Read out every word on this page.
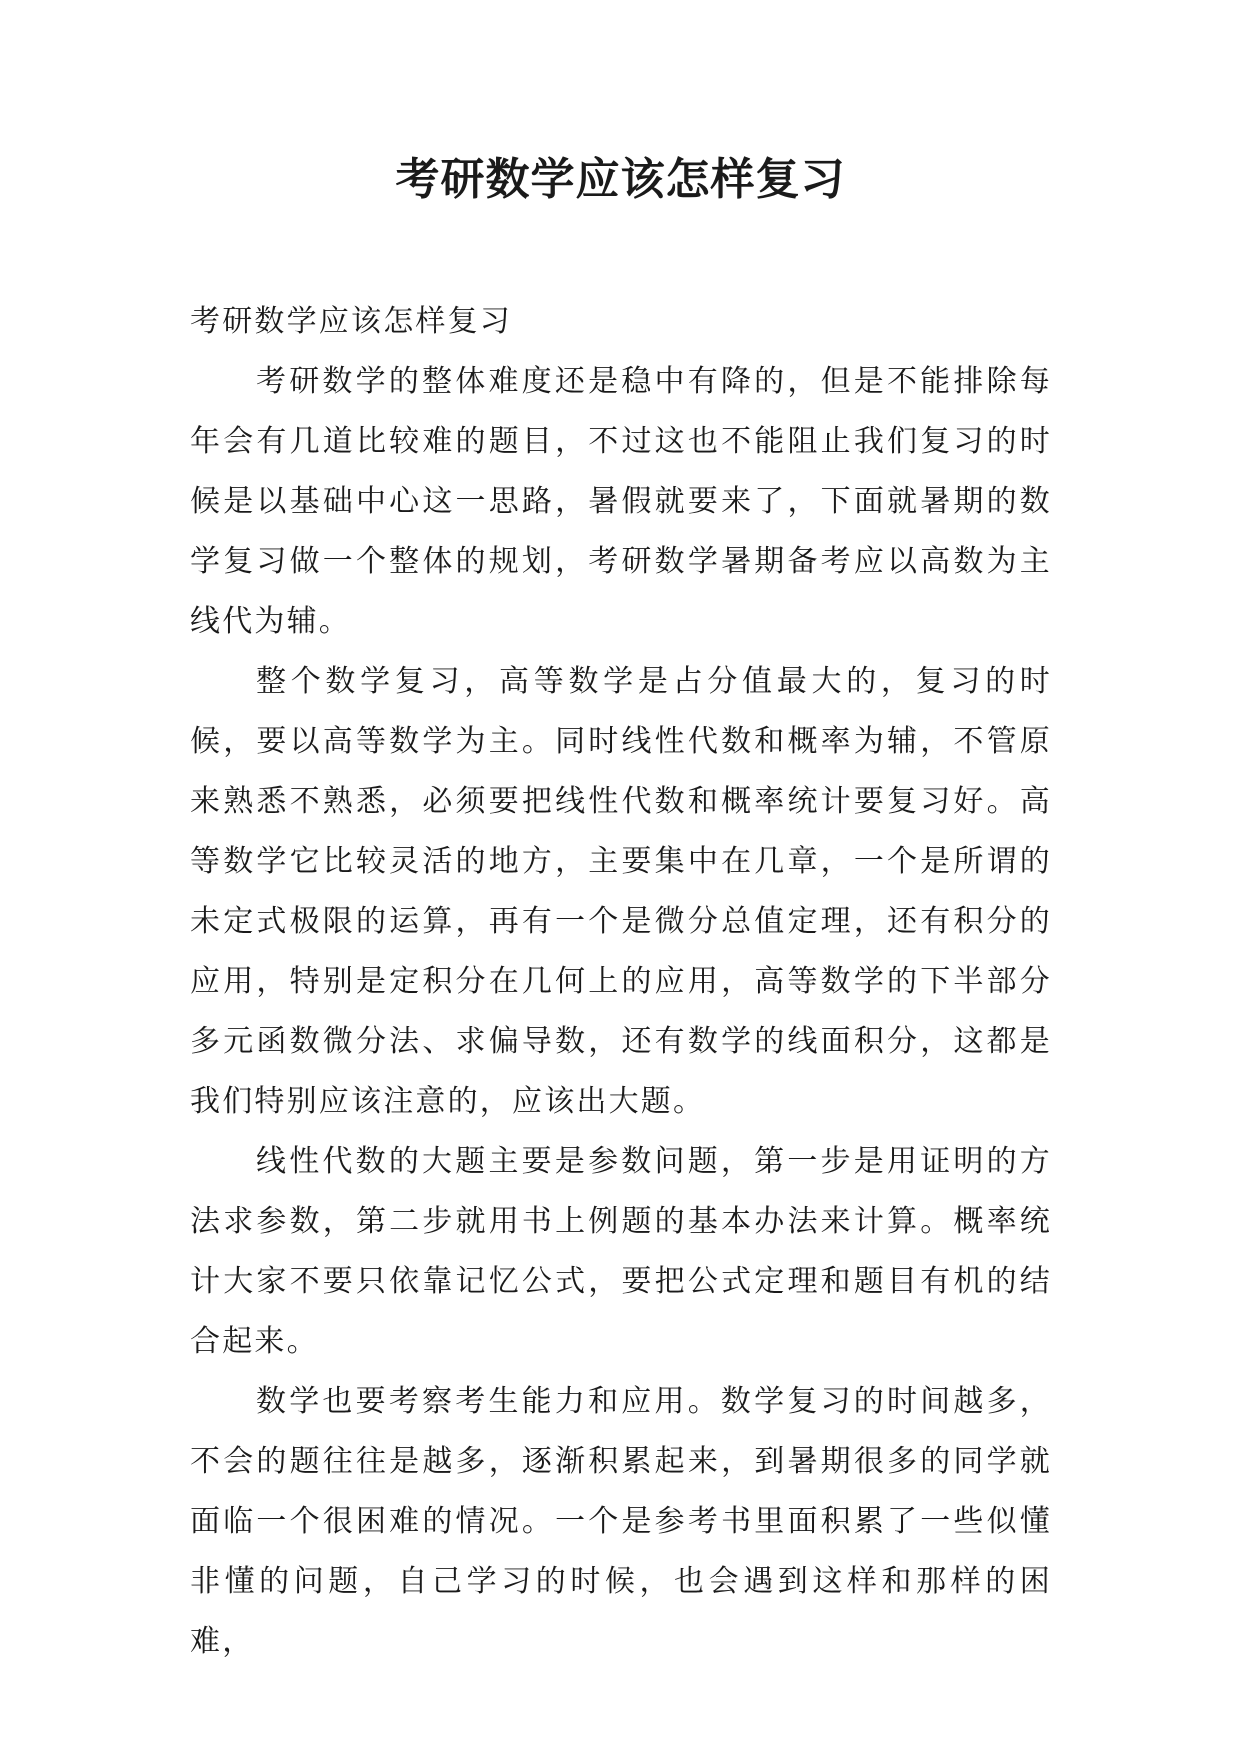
考研数学应该怎样复习

考研数学应该怎样复习

考研数学的整体难度还是稳中有降的，但是不能排除每年会有几道比较难的题目，不过这也不能阻止我们复习的时候是以基础中心这一思路，暑假就要来了，下面就暑期的数学复习做一个整体的规划，考研数学暑期备考应以高数为主线代为辅。

整个数学复习，高等数学是占分值最大的，复习的时候，要以高等数学为主。同时线性代数和概率为辅，不管原来熟悉不熟悉，必须要把线性代数和概率统计要复习好。高等数学它比较灵活的地方，主要集中在几章，一个是所谓的未定式极限的运算，再有一个是微分总值定理，还有积分的应用，特别是定积分在几何上的应用，高等数学的下半部分多元函数微分法、求偏导数，还有数学的线面积分，这都是我们特别应该注意的，应该出大题。

线性代数的大题主要是参数问题，第一步是用证明的方法求参数，第二步就用书上例题的基本办法来计算。概率统计大家不要只依靠记忆公式，要把公式定理和题目有机的结合起来。

数学也要考察考生能力和应用。数学复习的时间越多，不会的题往往是越多，逐渐积累起来，到暑期很多的同学就面临一个很困难的情况。一个是参考书里面积累了一些似懂非懂的问题，自己学习的时候，也会遇到这样和那样的困难，
